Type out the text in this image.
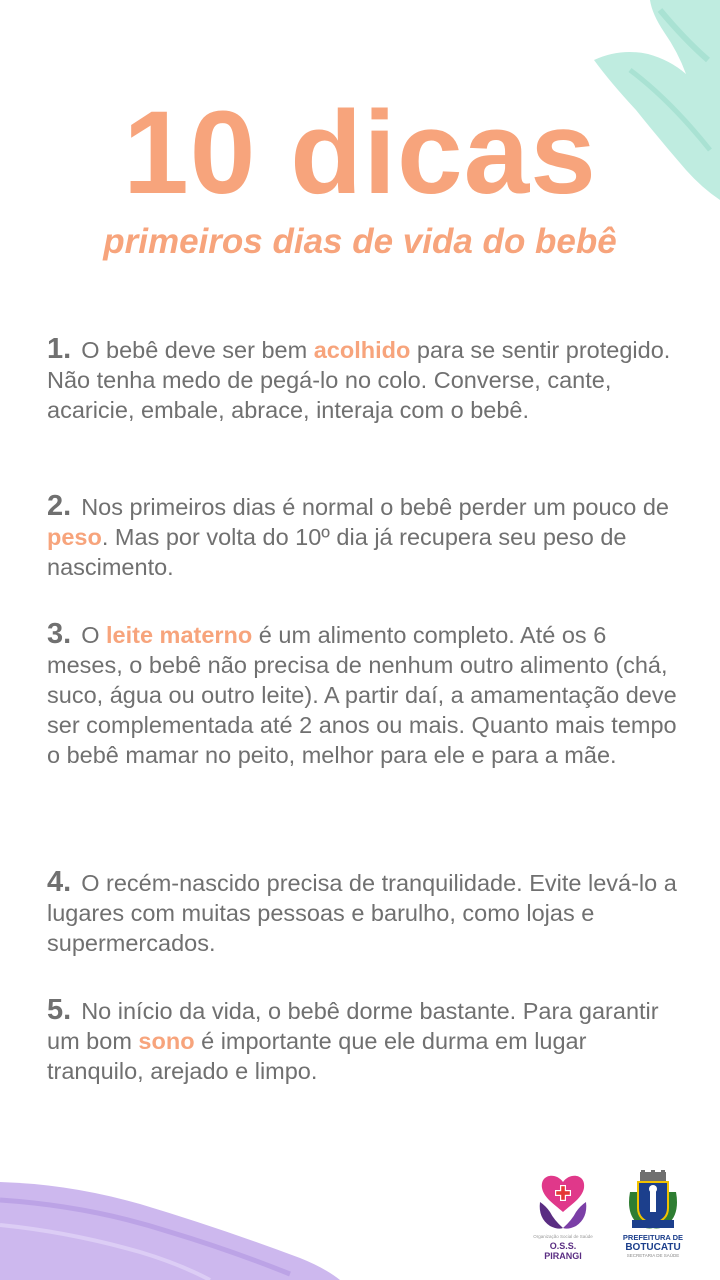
10 dicas
primeiros dias de vida do bebê
1. O bebê deve ser bem acolhido para se sentir protegido. Não tenha medo de pegá-lo no colo. Converse, cante, acaricie, embale, abrace, interaja com o bebê.
2. Nos primeiros dias é normal o bebê perder um pouco de peso. Mas por volta do 10º dia já recupera seu peso de nascimento.
3. O leite materno é um alimento completo. Até os 6 meses, o bebê não precisa de nenhum outro alimento (chá, suco, água ou outro leite). A partir daí, a amamentação deve ser complementada até 2 anos ou mais. Quanto mais tempo o bebê mamar no peito, melhor para ele e para a mãe.
4. O recém-nascido precisa de tranquilidade. Evite levá-lo a lugares com muitas pessoas e barulho, como lojas e supermercados.
5. No início da vida, o bebê dorme bastante. Para garantir um bom sono é importante que ele durma em lugar tranquilo, arejado e limpo.
Organização Social de Saúde
O.S.S. PIRANGI
PREFEITURA DE
BOTUCATU
SECRETARIA DE SAÚDE
